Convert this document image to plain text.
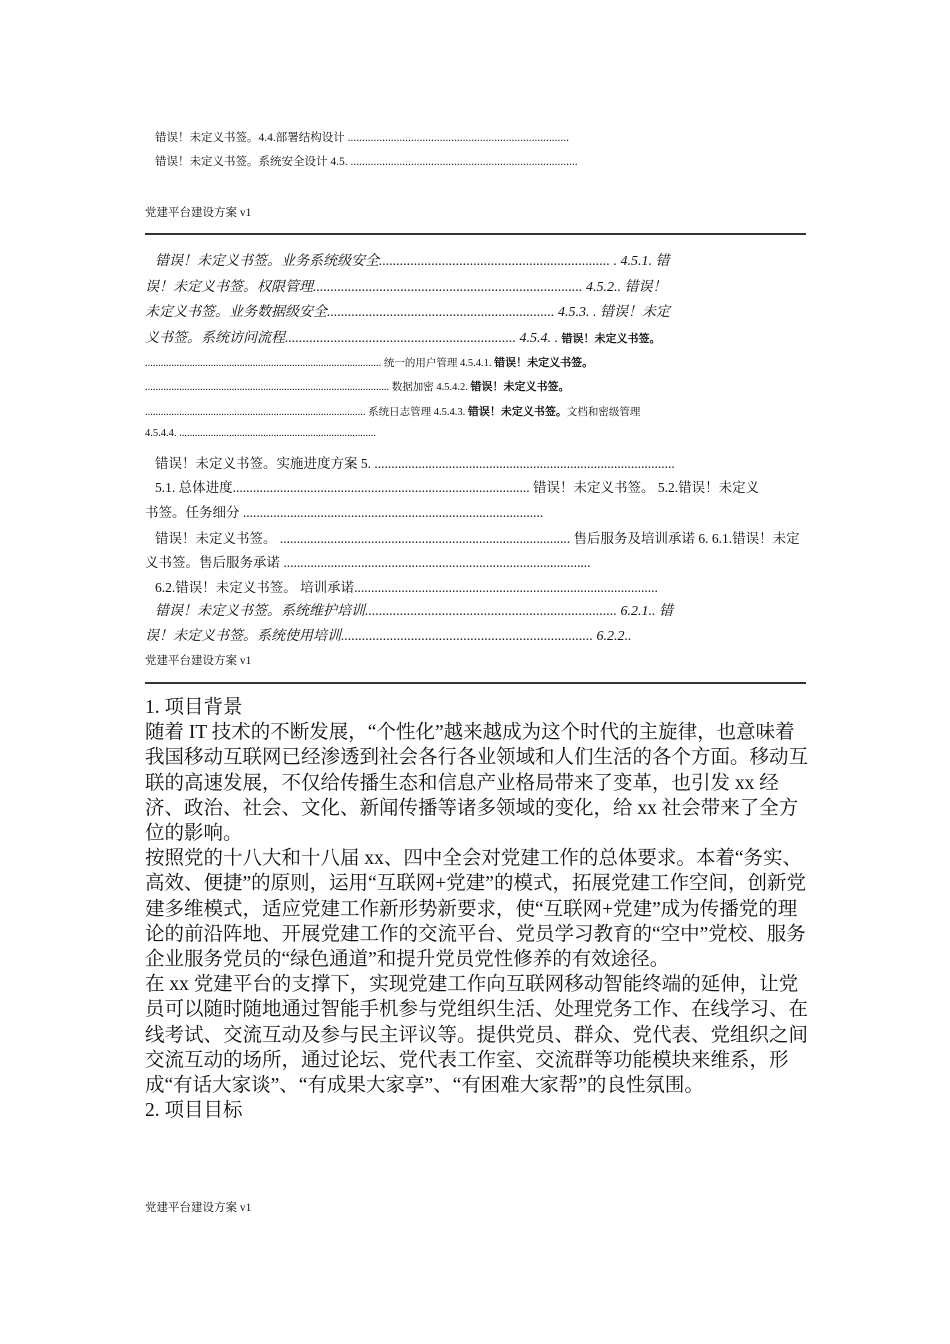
错误！未定义书签。4.4.部署结构设计 .............................................................................
错误！未定义书签。系统安全设计 4.5. ...............................................................................
党建平台建设方案 v1
错误！未定义书签。业务系统级安全.................................................................. . 4.5.1. 错
误！未定义书签。权限管理............................................................................. 4.5.2.. 错误！
未定义书签。业务数据级安全................................................................. 4.5.3. . 错误！未定
义书签。系统访问流程.................................................................. 4.5.4. . 错误！未定义书签。
.......................................................................................... 统一的用户管理 4.5.4.1. 错误！未定义书签。
............................................................................................. 数据加密 4.5.4.2. 错误！未定义书签。
.................................................................................... 系统日志管理 4.5.4.3. 错误！未定义书签。文档和密级管理
4.5.4.4. ...........................................................................
错误！未定义书签。实施进度方案 5. .........................................................................................
5.1. 总体进度........................................................................................ 错误！未定义书签。 5.2.错误！未定义
书签。任务细分 .........................................................................................
错误！未定义书签。 ...................................................................................... 售后服务及培训承诺 6. 6.1.错误！未定
义书签。售后服务承诺 ...........................................................................................
6.2.错误！未定义书签。 培训承诺..........................................................................................
错误！未定义书签。系统维护培训........................................................................ 6.2.1.. 错
误！未定义书签。系统使用培训........................................................................ 6.2.2..
党建平台建设方案 v1

1. 项目背景

随着 IT 技术的不断发展，“个性化”越来越成为这个时代的主旋律，也意味着我国移动互联网已经渗透到社会各行各业领域和人们生活的各个方面。移动互联的高速发展，不仅给传播生态和信息产业格局带来了变革，也引发 xx 经济、政治、社会、文化、新闻传播等诸多领域的变化，给 xx 社会带来了全方位的影响。

按照党的十八大和十八届 xx、四中全会对党建工作的总体要求。本着“务实、高效、便捷”的原则，运用“互联网+党建”的模式，拓展党建工作空间，创新党建多维模式，适应党建工作新形势新要求，使“互联网+党建”成为传播党的理论的前沿阵地、开展党建工作的交流平台、党员学习教育的“空中”党校、服务企业服务党员的“绿色通道”和提升党员党性修养的有效途径。

在 xx 党建平台的支撑下，实现党建工作向互联网移动智能终端的延伸，让党员可以随时随地通过智能手机参与党组织生活、处理党务工作、在线学习、在线考试、交流互动及参与民主评议等。提供党员、群众、党代表、党组织之间交流互动的场所，通过论坛、党代表工作室、交流群等功能模块来维系，形成“有话大家谈”、“有成果大家享”、“有困难大家帮”的良性氛围。

2. 项目目标

党建平台建设方案 v1
